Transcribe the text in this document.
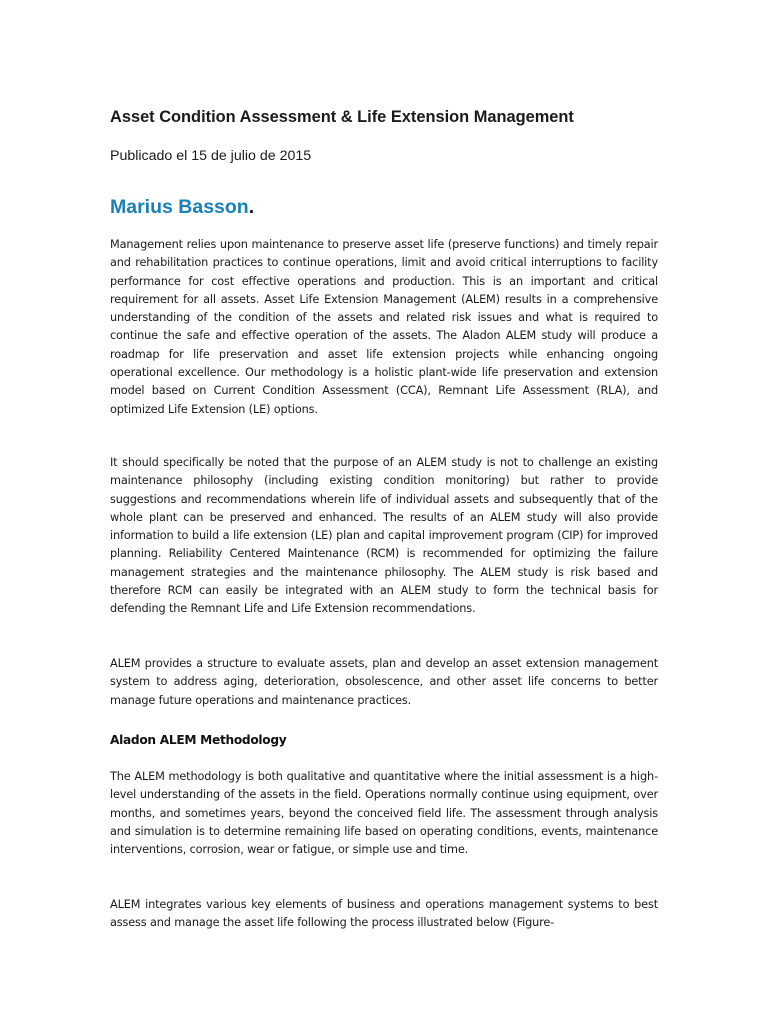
Asset Condition Assessment & Life Extension Management

Publicado el 15 de julio de 2015

Marius Basson.

Management relies upon maintenance to preserve asset life (preserve functions) and timely repair and rehabilitation practices to continue operations, limit and avoid critical interruptions to facility performance for cost effective operations and production. This is an important and critical requirement for all assets. Asset Life Extension Management (ALEM) results in a comprehensive understanding of the condition of the assets and related risk issues and what is required to continue the safe and effective operation of the assets. The Aladon ALEM study will produce a roadmap for life preservation and asset life extension projects while enhancing ongoing operational excellence. Our methodology is a holistic plant-wide life preservation and extension model based on Current Condition Assessment (CCA), Remnant Life Assessment (RLA), and optimized Life Extension (LE) options.

It should specifically be noted that the purpose of an ALEM study is not to challenge an existing maintenance philosophy (including existing condition monitoring) but rather to provide suggestions and recommendations wherein life of individual assets and subsequently that of the whole plant can be preserved and enhanced. The results of an ALEM study will also provide information to build a life extension (LE) plan and capital improvement program (CIP) for improved planning. Reliability Centered Maintenance (RCM) is recommended for optimizing the failure management strategies and the maintenance philosophy. The ALEM study is risk based and therefore RCM can easily be integrated with an ALEM study to form the technical basis for defending the Remnant Life and Life Extension recommendations.

ALEM provides a structure to evaluate assets, plan and develop an asset extension management system to address aging, deterioration, obsolescence, and other asset life concerns to better manage future operations and maintenance practices.

Aladon ALEM Methodology

The ALEM methodology is both qualitative and quantitative where the initial assessment is a high-level understanding of the assets in the field. Operations normally continue using equipment, over months, and sometimes years, beyond the conceived field life. The assessment through analysis and simulation is to determine remaining life based on operating conditions, events, maintenance interventions, corrosion, wear or fatigue, or simple use and time.

ALEM integrates various key elements of business and operations management systems to best assess and manage the asset life following the process illustrated below (Figure-
